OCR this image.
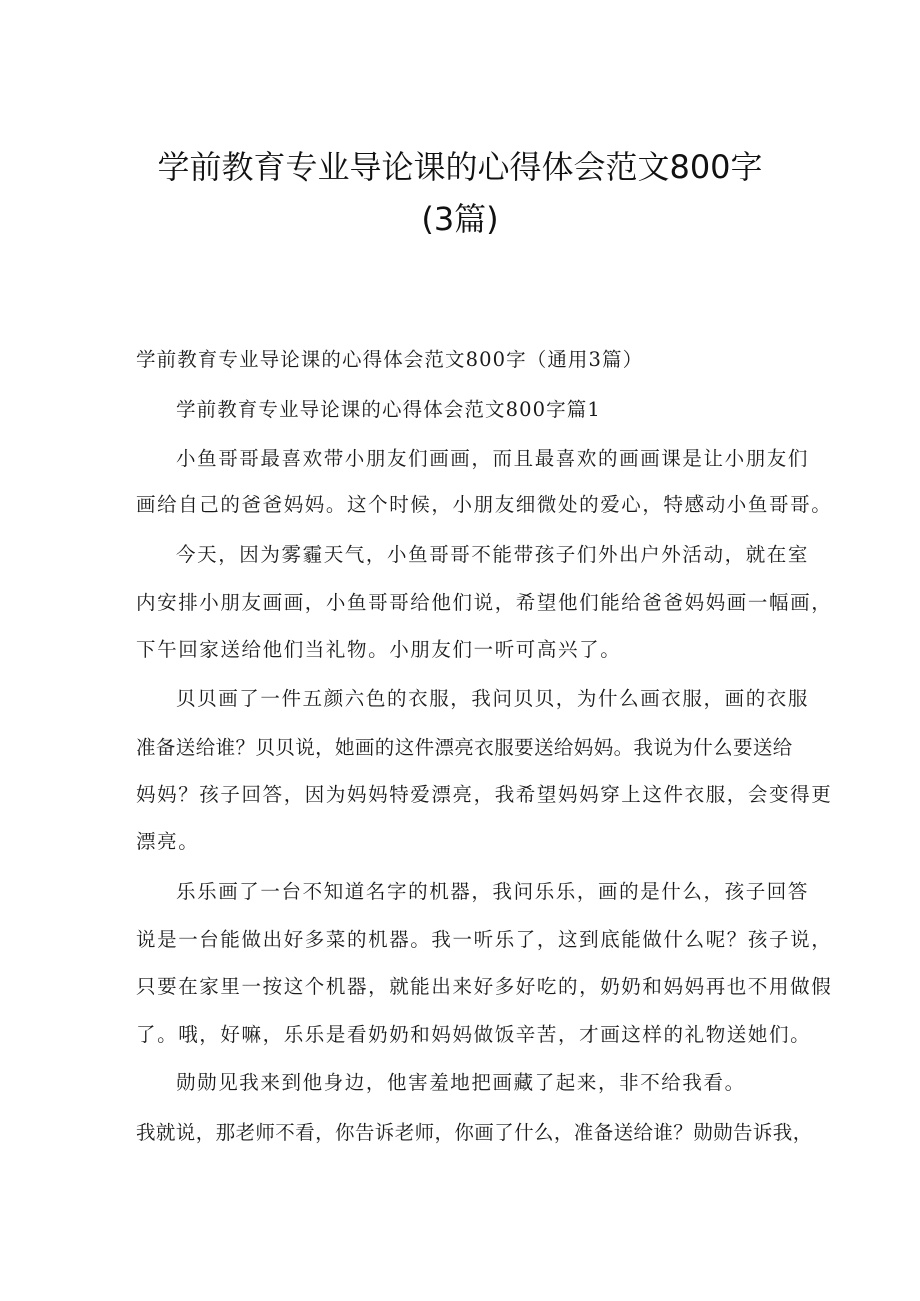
学前教育专业导论课的心得体会范文800字
(3篇)

学前教育专业导论课的心得体会范文800字（通用3篇）

学前教育专业导论课的心得体会范文800字篇1

小鱼哥哥最喜欢带小朋友们画画，而且最喜欢的画画课是让小朋友们

画给自己的爸爸妈妈。这个时候，小朋友细微处的爱心，特感动小鱼哥哥。

今天，因为雾霾天气，小鱼哥哥不能带孩子们外出户外活动，就在室

内安排小朋友画画，小鱼哥哥给他们说，希望他们能给爸爸妈妈画一幅画，

下午回家送给他们当礼物。小朋友们一听可高兴了。

贝贝画了一件五颜六色的衣服，我问贝贝，为什么画衣服，画的衣服

准备送给谁？贝贝说，她画的这件漂亮衣服要送给妈妈。我说为什么要送给

妈妈？孩子回答，因为妈妈特爱漂亮，我希望妈妈穿上这件衣服，会变得更

漂亮。

乐乐画了一台不知道名字的机器，我问乐乐，画的是什么，孩子回答

说是一台能做出好多菜的机器。我一听乐了，这到底能做什么呢？孩子说，

只要在家里一按这个机器，就能出来好多好吃的，奶奶和妈妈再也不用做假

了。哦，好嘛，乐乐是看奶奶和妈妈做饭辛苦，才画这样的礼物送她们。

勋勋见我来到他身边，他害羞地把画藏了起来，非不给我看。

我就说，那老师不看，你告诉老师，你画了什么，准备送给谁？勋勋告诉我，
